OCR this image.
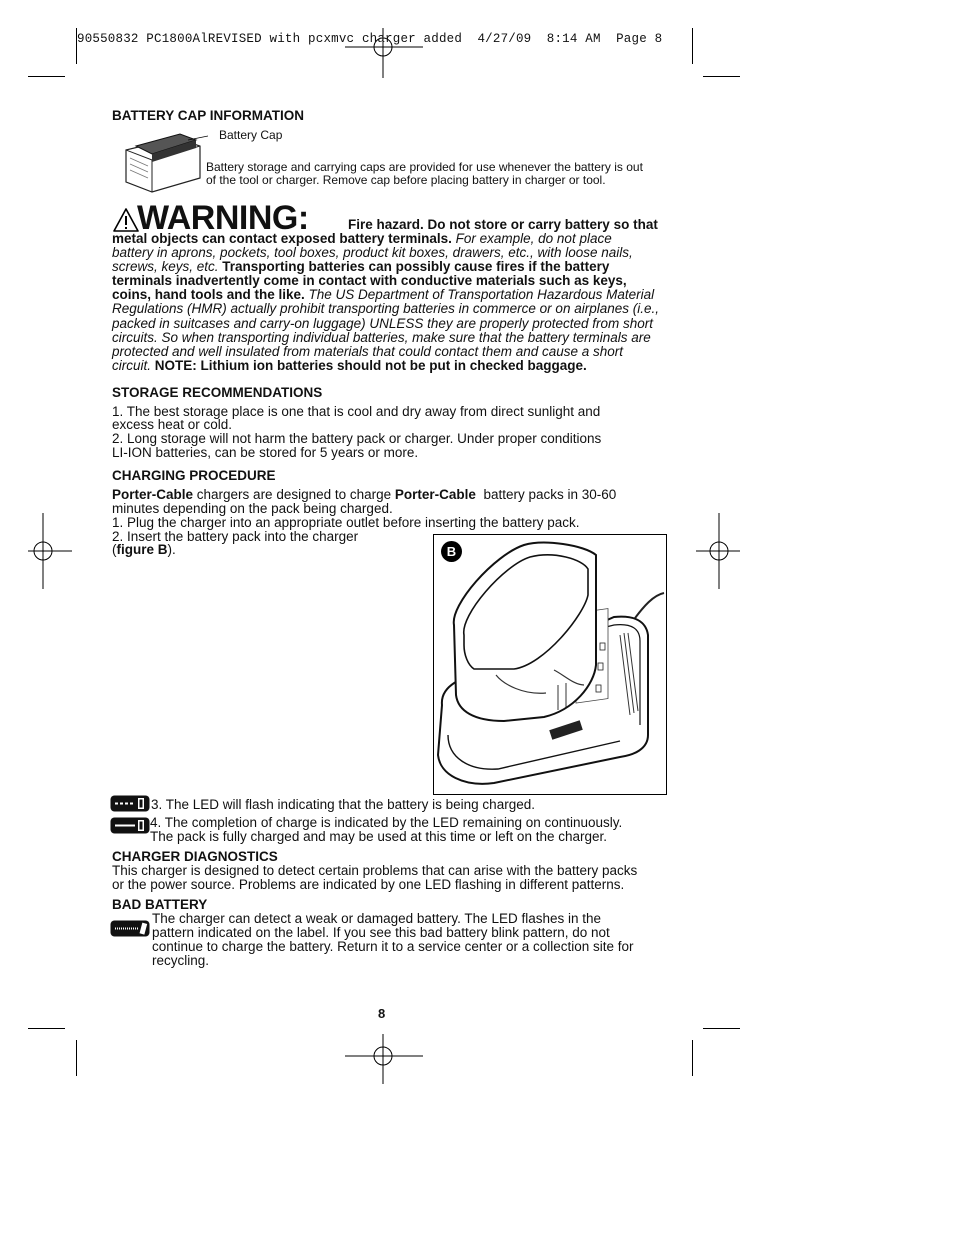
90550832 PC1800AlREVISED with pcxmvc charger added  4/27/09  8:14 AM  Page 8
BATTERY CAP INFORMATION
Battery Cap
Battery storage and carrying caps are provided for use whenever the battery is out
of the tool or charger. Remove cap before placing battery in charger or tool.
WARNING:	Fire hazard. Do not store or carry battery so that
metal objects can contact exposed battery terminals. For example, do not place
battery in aprons, pockets, tool boxes, product kit boxes, drawers, etc., with loose nails,
screws, keys, etc. Transporting batteries can possibly cause fires if the battery
terminals inadvertently come in contact with conductive materials such as keys,
coins, hand tools and the like. The US Department of Transportation Hazardous Material
Regulations (HMR) actually prohibit transporting batteries in commerce or on airplanes (i.e.,
packed in suitcases and carry-on luggage) UNLESS they are properly protected from short
circuits. So when transporting individual batteries, make sure that the battery terminals are
protected and well insulated from materials that could contact them and cause a short
circuit. NOTE: Lithium ion batteries should not be put in checked baggage.
STORAGE RECOMMENDATIONS
1. The best storage place is one that is cool and dry away from direct sunlight and
excess heat or cold.
2. Long storage will not harm the battery pack or charger. Under proper conditions
LI-ION batteries, can be stored for 5 years or more.
CHARGING PROCEDURE
Porter-Cable chargers are designed to charge Porter-Cable  battery packs in 30-60
minutes depending on the pack being charged.
1. Plug the charger into an appropriate outlet before inserting the battery pack.
2. Insert the battery pack into the charger
(figure B).	B
3. The LED will flash indicating that the battery is being charged.
4. The completion of charge is indicated by the LED remaining on continuously.
The pack is fully charged and may be used at this time or left on the charger.
CHARGER DIAGNOSTICS
This charger is designed to detect certain problems that can arise with the battery packs
or the power source. Problems are indicated by one LED flashing in different patterns.
BAD BATTERY
The charger can detect a weak or damaged battery. The LED flashes in the
pattern indicated on the label. If you see this bad battery blink pattern, do not
continue to charge the battery. Return it to a service center or a collection site for
recycling.
8
